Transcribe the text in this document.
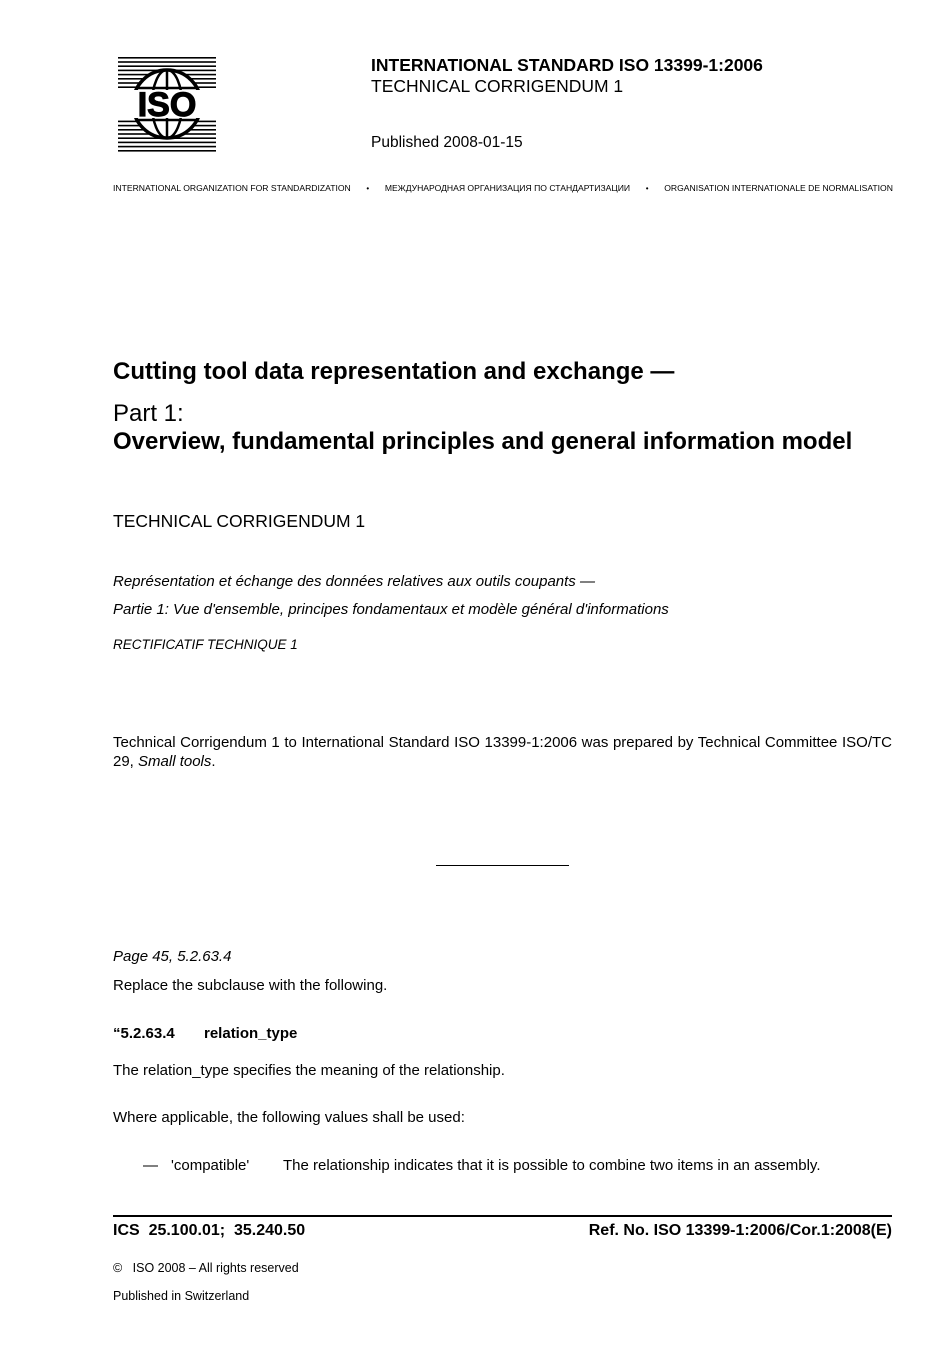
ISO
INTERNATIONAL STANDARD ISO 13399-1:2006
TECHNICAL CORRIGENDUM 1
Published 2008-01-15
INTERNATIONAL ORGANIZATION FOR STANDARDIZATION • МЕЖДУНАРОДНАЯ ОРГАНИЗАЦИЯ ПО СТАНДАРТИЗАЦИИ • ORGANISATION INTERNATIONALE DE NORMALISATION
Cutting tool data representation and exchange —
Part 1:
Overview, fundamental principles and general information model
TECHNICAL CORRIGENDUM 1
Représentation et échange des données relatives aux outils coupants —
Partie 1: Vue d'ensemble, principes fondamentaux et modèle général d'informations
RECTIFICATIF TECHNIQUE 1
Technical Corrigendum 1 to International Standard ISO 13399-1:2006 was prepared by Technical Committee ISO/TC 29, Small tools.
Page 45, 5.2.63.4
Replace the subclause with the following.
“5.2.63.4 relation_type
The relation_type specifies the meaning of the relationship.
Where applicable, the following values shall be used:
— 'compatible' The relationship indicates that it is possible to combine two items in an assembly.
ICS  25.100.01;  35.240.50	Ref. No. ISO 13399-1:2006/Cor.1:2008(E)
©   ISO 2008 – All rights reserved
Published in Switzerland
